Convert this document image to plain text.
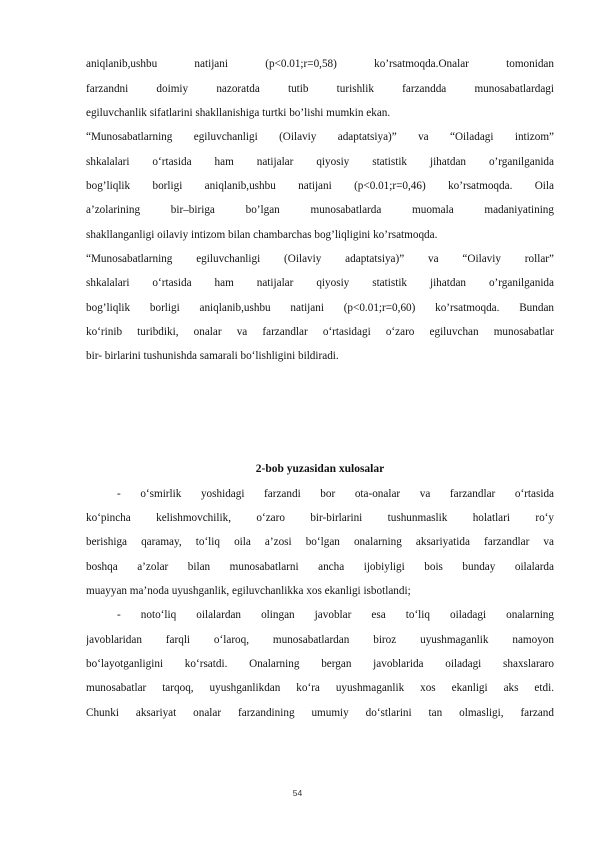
aniqlanib,ushbu natijani (p<0.01;r=0,58) ko’rsatmoqda.Onalar tomonidan
farzandni doimiy nazoratda tutib turishlik farzandda munosabatlardagi
egiluvchanlik sifatlarini shakllanishiga turtki bo’lishi mumkin ekan.
“Munosabatlarning egiluvchanligi (Oilaviy adaptatsiya)” va “Oiladagi intizom”
shkalalari o‘rtasida ham natijalar qiyosiy statistik jihatdan o’rganilganida
bog’liqlik borligi aniqlanib,ushbu natijani (p<0.01;r=0,46) ko’rsatmoqda. Oila
a’zolarining bir–biriga bo’lgan munosabatlarda muomala madaniyatining
shakllanganligi oilaviy intizom bilan chambarchas bog’liqligini ko’rsatmoqda.
“Munosabatlarning egiluvchanligi (Oilaviy adaptatsiya)” va “Oilaviy rollar”
shkalalari o‘rtasida ham natijalar qiyosiy statistik jihatdan o’rganilganida
bog’liqlik borligi aniqlanib,ushbu natijani (p<0.01;r=0,60) ko’rsatmoqda. Bundan
ko‘rinib turibdiki, onalar va farzandlar o‘rtasidagi o‘zaro egiluvchan munosabatlar
bir- birlarini tushunishda samarali bo‘lishligini bildiradi.
2-bob yuzasidan xulosalar
- o‘smirlik yoshidagi farzandi bor ota-onalar va farzandlar o‘rtasida
ko‘pincha kelishmovchilik, o‘zaro bir-birlarini tushunmaslik holatlari ro‘y
berishiga qaramay, to‘liq oila a’zosi bo‘lgan onalarning aksariyatida farzandlar va
boshqa a’zolar bilan munosabatlarni ancha ijobiyligi bois bunday oilalarda
muayyan ma’noda uyushganlik, egiluvchanlikka xos ekanligi isbotlandi;
- noto‘liq oilalardan olingan javoblar esa to‘liq oiladagi onalarning
javoblaridan farqli o‘laroq, munosabatlardan biroz uyushmaganlik namoyon
bo‘layotganligini ko‘rsatdi. Onalarning bergan javoblarida oiladagi shaxslararo
munosabatlar tarqoq, uyushganlikdan ko‘ra uyushmaganlik xos ekanligi aks etdi.
Chunki aksariyat onalar farzandining umumiy do‘stlarini tan olmasligi, farzand
54
